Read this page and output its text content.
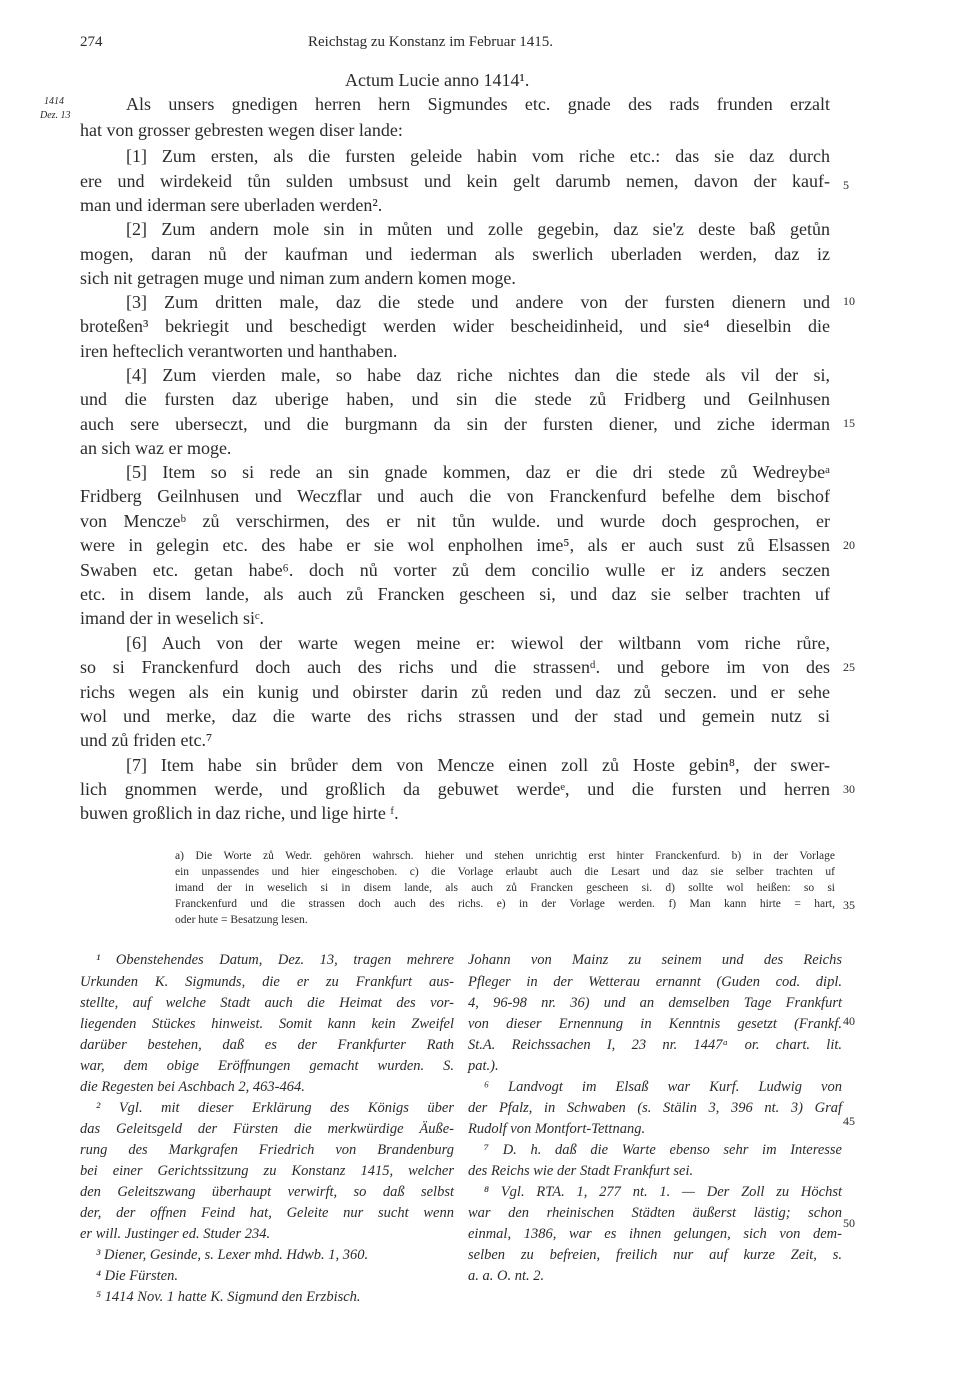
274	Reichstag zu Konstanz im Februar 1415.
1414
Dez. 13
Actum Lucie anno 1414¹.
Als unsers gnedigen herren hern Sigmundes etc. gnade des rads frunden erzalt
hat von grosser gebresten wegen diser lande:
[1] Zum ersten, als die fursten geleide habin vom riche etc.: das sie daz durch
ere und wirdekeid tůn sulden umbsust und kein gelt darumb nemen, davon der kauf-
man und iderman sere uberladen werden².
[2] Zum andern mole sin in můten und zolle gegebin, daz sie'z deste baß getůn
mogen, daran nů der kaufman und iederman als swerlich uberladen werden, daz iz
sich nit getragen muge und niman zum andern komen moge.
[3] Zum dritten male, daz die stede und andere von der fursten dienern und
broteßen³ bekriegit und beschedigt werden wider bescheidinheid, und sie⁴ dieselbin die
iren hefteclich verantworten und hanthaben.
[4] Zum vierden male, so habe daz riche nichtes dan die stede als vil der si,
und die fursten daz uberige haben, und sin die stede zů Fridberg und Geilnhusen
auch sere uberseczt, und die burgmann da sin der fursten diener, und ziche iderman
an sich waz er moge.
[5] Item so si rede an sin gnade kommen, daz er die dri stede zů Wedreybeᵃ
Fridberg Geilnhusen und Weczflar und auch die von Franckenfurd befelhe dem bischof
von Menczeᵇ zů verschirmen, des er nit tůn wulde. und wurde doch gesprochen, er
were in gelegin etc. des habe er sie wol enpholhen ime⁵, als er auch sust zů Elsassen
Swaben etc. getan habe⁶. doch nů vorter zů dem concilio wulle er iz anders seczen
etc. in disem lande, als auch zů Francken gescheen si, und daz sie selber trachten uf
imand der in weselich siᶜ.
[6] Auch von der warte wegen meine er: wiewol der wiltbann vom riche růre,
so si Franckenfurd doch auch des richs und die strassenᵈ. und gebore im von des
richs wegen als ein kunig und obirster darin zů reden und daz zů seczen. und er sehe
wol und merke, daz die warte des richs strassen und der stad und gemein nutz si
und zů friden etc.⁷
[7] Item habe sin brůder dem von Mencze einen zoll zů Hoste gebin⁸, der swer-
lich gnommen werde, und großlich da gebuwet werdeᵉ, und die fursten und herren
buwen großlich in daz riche, und lige hirte ᶠ.
5
10
15
20
25
30
35
40
45
50
a) Die Worte zů Wedr. gehören wahrsch. hieher und stehen unrichtig erst hinter Franckenfurd. b) in der Vorlage
ein unpassendes und hier eingeschoben. c) die Vorlage erlaubt auch die Lesart und daz sie selber trachten uf
imand der in weselich si in disem lande, als auch zů Francken gescheen si. d) sollte wol heißen: so si
Franckenfurd und die strassen doch auch des richs. e) in der Vorlage werden. f) Man kann hirte = hart,
oder hute = Besatzung lesen.
¹ Obenstehendes Datum, Dez. 13, tragen mehrere
Urkunden K. Sigmunds, die er zu Frankfurt aus-
stellte, auf welche Stadt auch die Heimat des vor-
liegenden Stückes hinweist. Somit kann kein Zweifel
darüber bestehen, daß es der Frankfurter Rath
war, dem obige Eröffnungen gemacht wurden. S.
die Regesten bei Aschbach 2, 463-464.
² Vgl. mit dieser Erklärung des Königs über
das Geleitsgeld der Fürsten die merkwürdige Äuße-
rung des Markgrafen Friedrich von Brandenburg
bei einer Gerichtssitzung zu Konstanz 1415, welcher
den Geleitszwang überhaupt verwirft, so daß selbst
der, der offnen Feind hat, Geleite nur sucht wenn
er will. Justinger ed. Studer 234.
³ Diener, Gesinde, s. Lexer mhd. Hdwb. 1, 360.
⁴ Die Fürsten.
⁵ 1414 Nov. 1 hatte K. Sigmund den Erzbisch.
Johann von Mainz zu seinem und des Reichs
Pfleger in der Wetterau ernannt (Guden cod. dipl.
4, 96-98 nr. 36) und an demselben Tage Frankfurt
von dieser Ernennung in Kenntnis gesetzt (Frankf.
St.A. Reichssachen I, 23 nr. 1447ᵃ or. chart. lit.
pat.).
⁶ Landvogt im Elsaß war Kurf. Ludwig von
der Pfalz, in Schwaben (s. Stälin 3, 396 nt. 3) Graf
Rudolf von Montfort-Tettnang.
⁷ D. h. daß die Warte ebenso sehr im Interesse
des Reichs wie der Stadt Frankfurt sei.
⁸ Vgl. RTA. 1, 277 nt. 1. — Der Zoll zu Höchst
war den rheinischen Städten äußerst lästig; schon
einmal, 1386, war es ihnen gelungen, sich von dem-
selben zu befreien, freilich nur auf kurze Zeit, s.
a. a. O. nt. 2.
